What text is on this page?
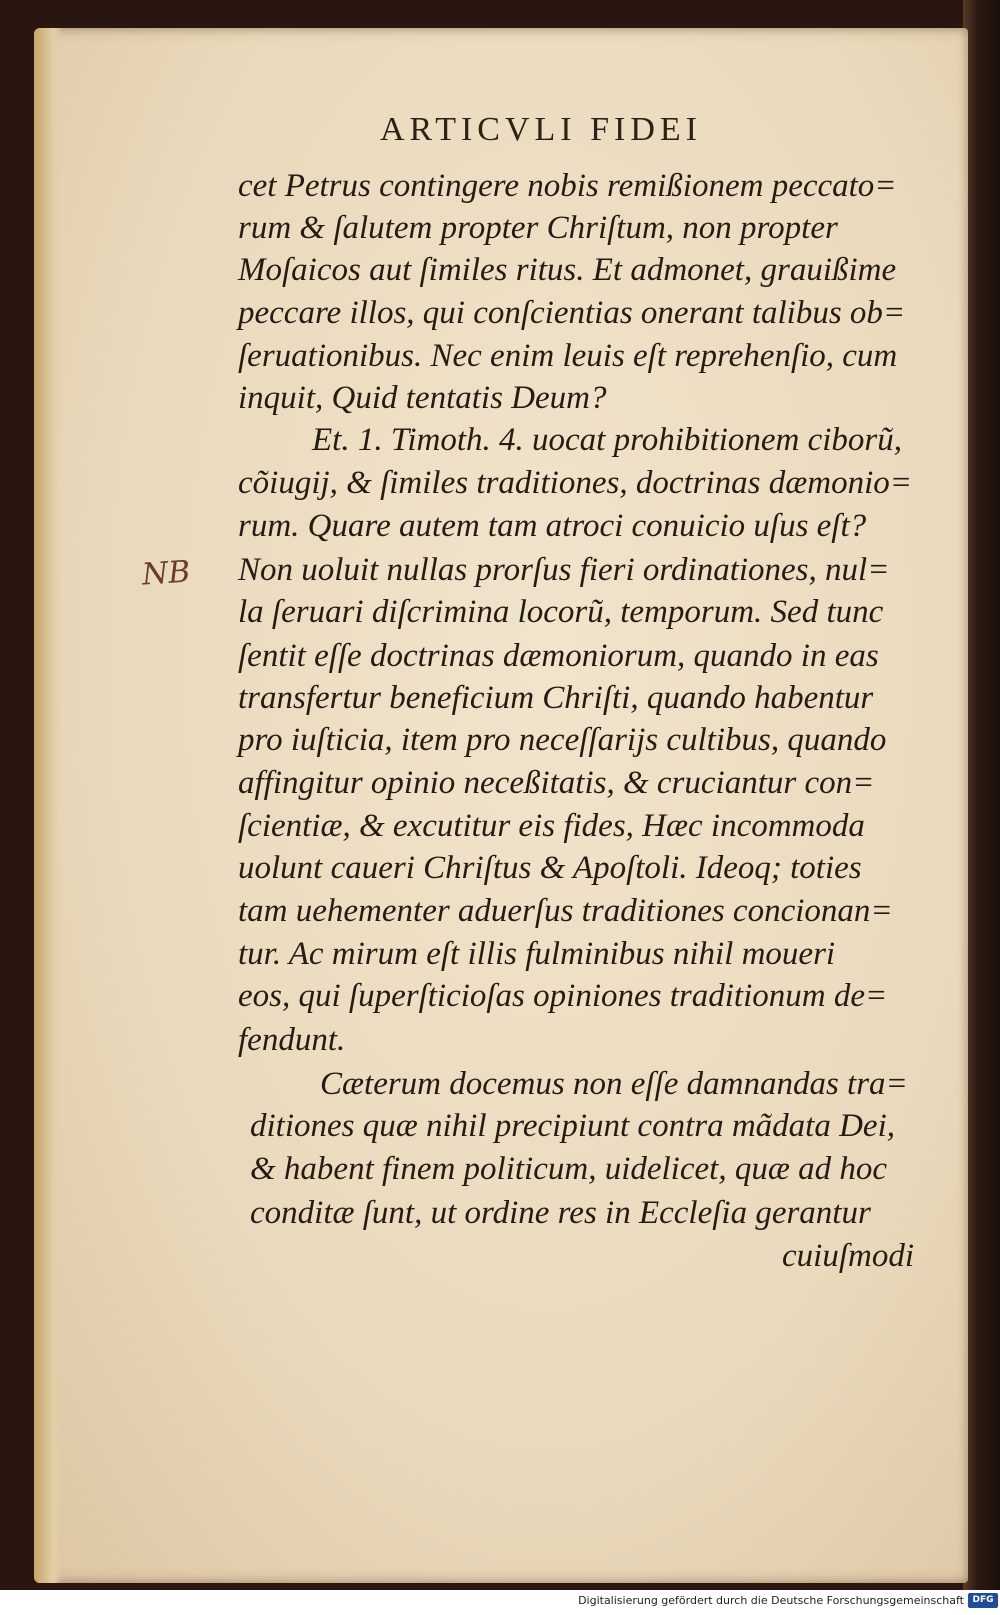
ARTICVLI FIDEI
cet Petrus contingere nobis remißionem peccato=
rum & ſalutem propter Chriſtum, non propter
Moſaicos aut ſimiles ritus. Et admonet, grauißime
peccare illos, qui conſcientias onerant talibus ob=
ſeruationibus. Nec enim leuis eſt reprehenſio, cum
inquit, Quid tentatis Deum?
Et. 1. Timoth. 4. uocat prohibitionem ciborũ,
cõiugij, & ſimiles traditiones, doctrinas dæmonio=
rum. Quare autem tam atroci conuicio uſus eſt?
Non uoluit nullas prorſus fieri ordinationes, nul=
la ſeruari diſcrimina locorũ, temporum. Sed tunc
ſentit eſſe doctrinas dæmoniorum, quando in eas
transfertur beneficium Chriſti, quando habentur
pro iuſticia, item pro neceſſarijs cultibus, quando
affingitur opinio neceßitatis, & cruciantur con=
ſcientiæ, & excutitur eis fides, Hæc incommoda
uolunt caueri Chriſtus & Apoſtoli. Ideoq; toties
tam uehementer aduerſus traditiones concionan=
tur. Ac mirum eſt illis fulminibus nihil moueri
eos, qui ſuperſticioſas opiniones traditionum de=
fendunt.
Cæterum docemus non eſſe damnandas tra=
ditiones quæ nihil precipiunt contra mãdata Dei,
& habent finem politicum, uidelicet, quæ ad hoc
conditæ ſunt, ut ordine res in Eccleſia gerantur
cuiuſmodi
NB
Digitalisierung gefördert durch die Deutsche Forschungsgemeinschaft DFG
